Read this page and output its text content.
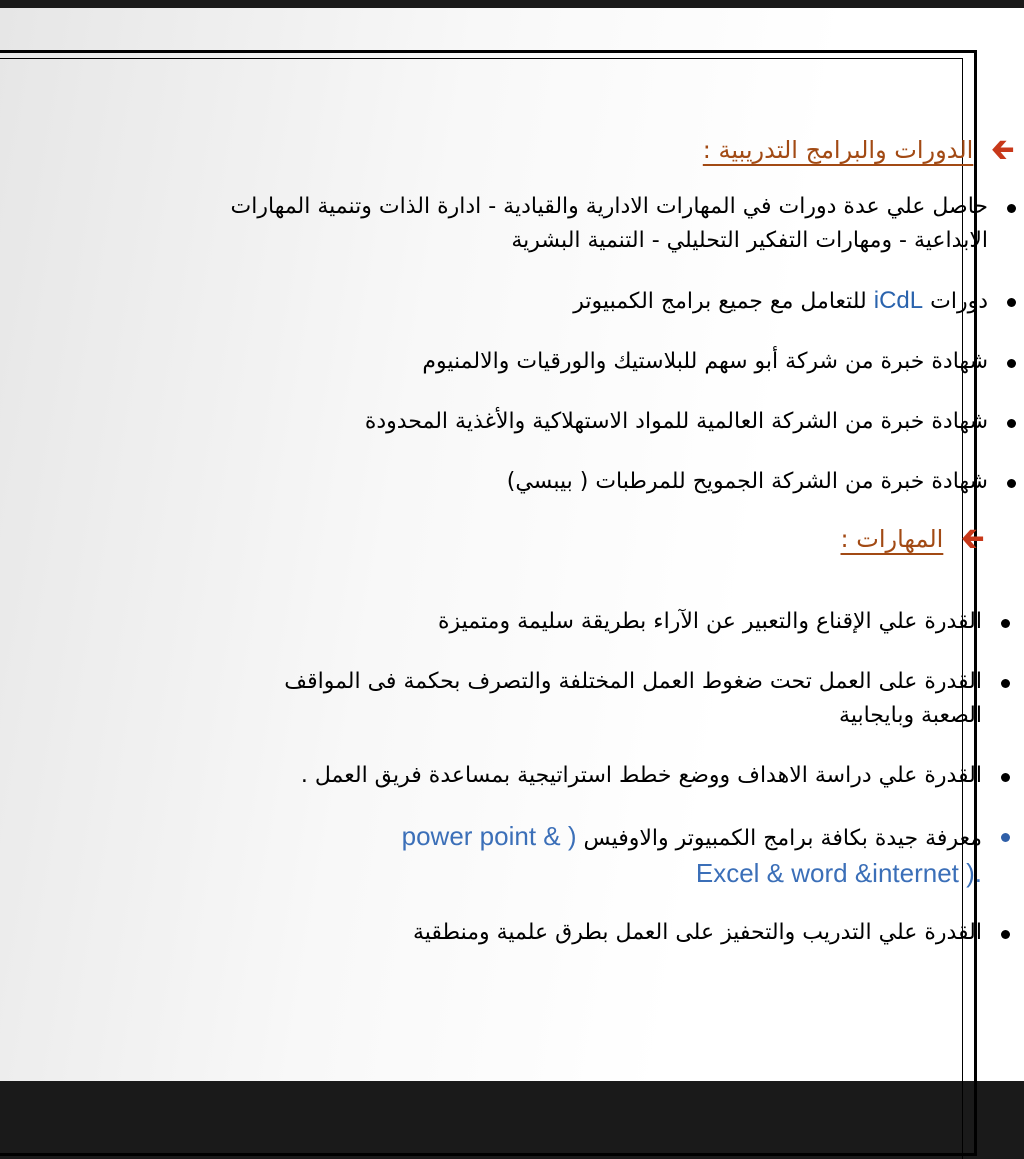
🡰
الدورات والبرامج التدريبية :
حاصل علي عدة دورات في المهارات الادارية والقيادية - ادارة الذات وتنمية المهارات
الابداعية - ومهارات التفكير التحليلي - التنمية البشرية
دورات iCdL للتعامل مع جميع برامج الكمبيوتر
شهادة خبرة من شركة أبو سهم للبلاستيك والورقيات والالمنيوم
شهادة خبرة من الشركة العالمية للمواد الاستهلاكية والأغذية المحدودة
شهادة خبرة من الشركة الجمويح للمرطبات ( بيبسي)
🡰
المهارات :
القدرة علي الإقناع والتعبير عن الآراء بطريقة سليمة ومتميزة
القدرة على العمل تحت ضغوط العمل المختلفة والتصرف بحكمة فى المواقف
الصعبة وبايجابية
القدرة علي دراسة الاهداف ووضع خطط استراتيجية بمساعدة فريق العمل .
معرفة جيدة بكافة برامج الكمبيوتر والاوفيس ( & power point
.( Excel & word &internet
القدرة علي التدريب والتحفيز على العمل بطرق علمية ومنطقية
